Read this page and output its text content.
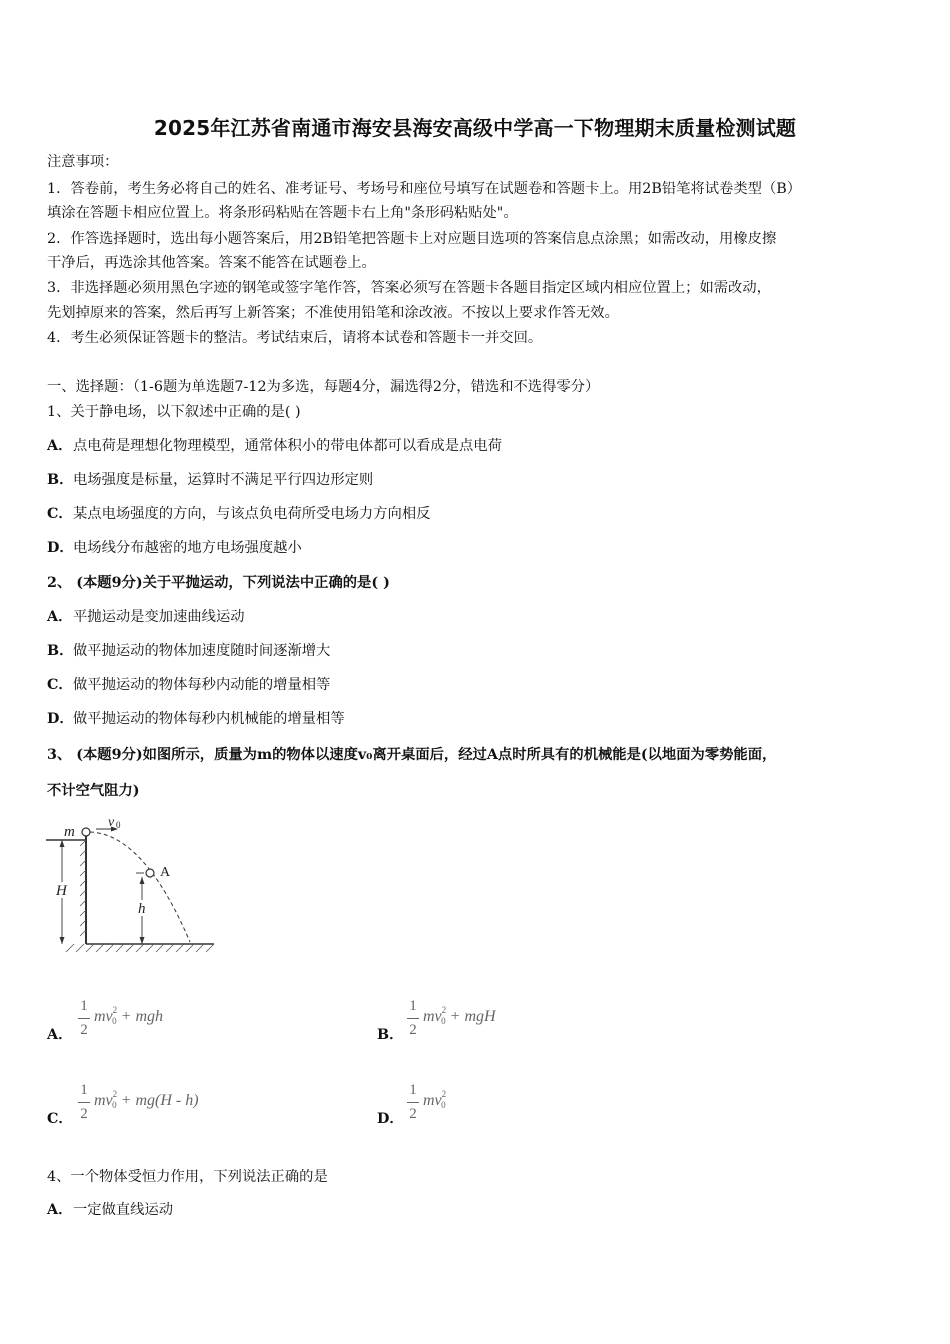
2025年江苏省南通市海安县海安高级中学高一下物理期末质量检测试题
注意事项：
1．答卷前，考生务必将自己的姓名、准考证号、考场号和座位号填写在试题卷和答题卡上。用2B铅笔将试卷类型（B）
填涂在答题卡相应位置上。将条形码粘贴在答题卡右上角"条形码粘贴处"。
2．作答选择题时，选出每小题答案后，用2B铅笔把答题卡上对应题目选项的答案信息点涂黑；如需改动，用橡皮擦
干净后，再选涂其他答案。答案不能答在试题卷上。
3．非选择题必须用黑色字迹的钢笔或签字笔作答，答案必须写在答题卡各题目指定区域内相应位置上；如需改动，
先划掉原来的答案，然后再写上新答案；不准使用铅笔和涂改液。不按以上要求作答无效。
4．考生必须保证答题卡的整洁。考试结束后，请将本试卷和答题卡一并交回。
一、选择题：（1-6题为单选题7-12为多选，每题4分，漏选得2分，错选和不选得零分）
1、关于静电场，以下叙述中正确的是( )
A．点电荷是理想化物理模型，通常体积小的带电体都可以看成是点电荷
B．电场强度是标量，运算时不满足平行四边形定则
C．某点电场强度的方向，与该点负电荷所受电场力方向相反
D．电场线分布越密的地方电场强度越小
2、 (本题9分)关于平抛运动，下列说法中正确的是( )
A．平抛运动是变加速曲线运动
B．做平抛运动的物体加速度随时间逐渐增大
C．做平抛运动的物体每秒内动能的增量相等
D．做平抛运动的物体每秒内机械能的增量相等
3、 (本题9分)如图所示，质量为m的物体以速度v₀离开桌面后，经过A点时所具有的机械能是(以地面为零势能面，
不计空气阻力)
H
m
v 0
A
h
A．
1
2
$mv^20$ + mgh
B．
1
2
$mv^20$ + mgH
C．
1
2
$mv^20 + mg(H - h)$
D．
1
2
$mv^20$
4、一个物体受恒力作用，下列说法正确的是
A．一定做直线运动
